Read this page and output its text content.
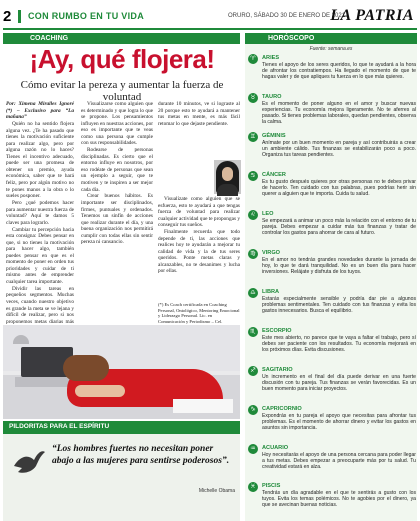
2 CON RUMBO EN TU VIDA	ORURO, SÁBADO 30 DE ENERO DE 2021
LA PATRIA
COACHING
¡Ay, qué flojera!
Cómo evitar la pereza y aumentar la fuerza de voluntad

Por: Ximena Miralles Ignoré (*) – Exclusivo para “La mañana”

Quién no ha sentido flojera alguna vez. ¿Te ha pasado que tienes la motivación suficiente para realizar algo, pero por alguna razón no lo haces? Tienes el incentivo adecuado, puede ser una promesa de obtener un premio, ayuda económica, saber que te hará feliz, pero por algún motivo no te pones manos a la obra o lo sueles posponer.

Pero ¿qué podemos hacer para aumentar nuestra fuerza de voluntad? Aquí te damos 5 claves para lograrlo.

Cambiar tu percepción hacia esta consigna: Debes pensar en que, si no tienes la motivación para hacer algo, también puedes pensar en que es el momento de poner en orden tus prioridades y cuidar de ti mismo antes de emprender cualquier tarea importante.

Dividir las tareas en pequeños segmentos. Muchas veces, cuando nuestro objetivo es grande la meta se ve lejana y difícil de realizar, pero si nos proponemos metas diarias más

Visualizarse como alguien que es determinado y que logra lo que se propone. Los pensamientos influyen en nuestras acciones, por eso es importante que te veas como una persona que cumple con sus responsabilidades.

Rodearse de personas disciplinadas. Es cierto que el entorno influye en nosotros, por eso rodéate de personas que sean un ejemplo a seguir, que te motiven y te inspiren a ser mejor cada día.

Crear buenos hábitos. Es importante ser disciplinados, firmes, puntuales y ordenados. Tenemos un sinfín de acciones que realizar durante el día, y una buena organización nos permitirá cumplir con todas ellas sin sentir pereza ni cansancio.

durante 10 minutos, ve si lograste al 20 porque esto te ayudará a mantener tus metas en mente, es más fácil retomar lo que dejaste pendiente.

Visualízate como alguien que se esfuerza, esto te ayudará a que tengas fuerza de voluntad para realizar cualquier actividad que te propongas y conseguir tus sueños.

Finalmente recuerda que todo depende de ti, las acciones que realices hoy te ayudarán a mejorar tu calidad de vida y la de tus seres queridos. Ponte metas claras y alcanzables, no te desanimes y lucha por ellas.

(*) Es Coach certificada en Coaching Personal, Ontológico, Mentoring Emocional y Liderazgo Personal. Lic. en Comunicación y Periodismo – Cel.
PILDORITAS PARA EL ESPÍRITU
“Los hombres fuertes no necesitan poner abajo a las mujeres para sentirse poderosos”.
Michelle Obama
HORÓSCOPO
Fuente: semana.es
♈	ARIES
Tienes el apoyo de los seres queridos, lo que te ayudará a la hora de afrontar los contratiempos. Ha llegado el momento de que te hagas valer y de que apliques tu fuerza en lo que más quieres.
♉	TAURO
Es el momento de poner alguno en el amor y buscar nuevas experiencias. Tu economía mejora ligeramente. No te aferres al pasado. Si tienes problemas laborales, quedan pendientes, observa la calma.
♊	GÉMINIS
Anímate por un buen momento en pareja y así contribuirás a crear un ambiente cálido. Tus finanzas se estabilizarán poco a poco. Organiza tus tareas pendientes.
♋	CÁNCER
Es tu gusto después quieres por otras personas no te debes privar de hacerlo. Ten cuidado con tus palabras, pues podrías herir sin querer a alguien que te importa. Cuida tu salud.
♌	LEO
Se empezará a animar un poco más la relación con el entorno de tu pareja. Debes empezar a cuidar más tus finanzas y tratar de controlar los gastos para ahorrar de cara al futuro.
♍	VIRGO
En el amor no tendrás grandes novedades durante la jornada de hoy, lo que te dará tranquilidad. No es un buen día para hacer inversiones. Relájate y disfruta de los tuyos.
♎	LIBRA
Estarás especialmente sensible y podría dar pie a algunos problemas sentimentales. Ten cuidado con tus finanzas y evita los gastos innecesarios. Busca el equilibrio.
♏	ESCORPIO
Este mes abierto, no parece que te vaya a faltar el trabajo, pero sí debes ser paciente con los resultados. Tu economía mejorará en los próximos días. Evita discusiones.
♐	SAGITARIO
Un incremento en el final del día puede derivar en una fuerte discusión con tu pareja. Tus finanzas se verán favorecidas. Es un buen momento para iniciar proyectos.
♑	CAPRICORNIO
Expondrás en tu pareja el apoyo que necesitas para afrontar tus problemas. Es el momento de ahorrar dinero y evitar los gastos en asuntos sin importancia.
♒	ACUARIO
Hoy necesitarás el apoyo de una persona cercana para poder llegar a tus metas. Debes empezar a preocuparte más por tu salud. Tu creatividad estará en alza.
♓	PISCIS
Tendrás un día agradable en el que te sentirás a gusto con los tuyos. Evita los temas polémicos. No te agobies por el dinero, ya que se avecinan buenas noticias.
